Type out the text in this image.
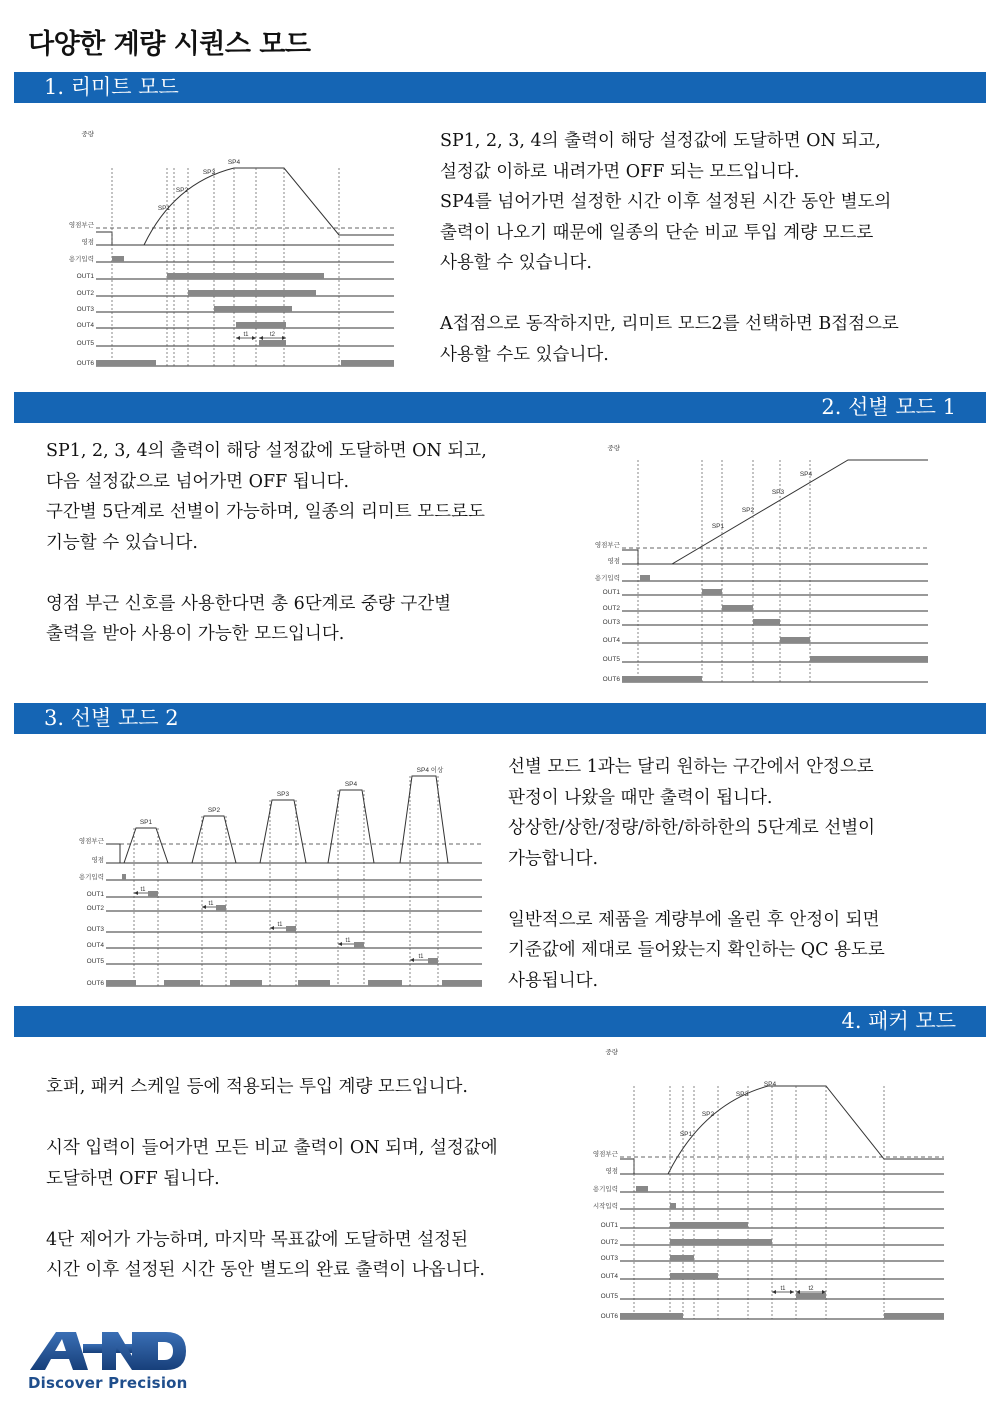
다양한 계량 시퀀스 모드
1. 리미트 모드
중량
영점부근
영점
용기입력
OUT1
OUT2
OUT3
OUT4
OUT5
OUT6
SP1
SP2
SP3
SP4
t1	t2

SP1, 2, 3, 4의 출력이 해당 설정값에 도달하면 ON 되고,

설정값 이하로 내려가면 OFF 되는 모드입니다.

SP4를 넘어가면 설정한 시간 이후 설정된 시간 동안 별도의

출력이 나오기 때문에 일종의 단순 비교 투입 계량 모드로

사용할 수 있습니다.

A접점으로 동작하지만, 리미트 모드2를 선택하면 B접점으로

사용할 수도 있습니다.

2. 선별 모드 1

SP1, 2, 3, 4의 출력이 해당 설정값에 도달하면 ON 되고,

다음 설정값으로 넘어가면 OFF 됩니다.

구간별 5단계로 선별이 가능하며, 일종의 리미트 모드로도

기능할 수 있습니다.

영점 부근 신호를 사용한다면 총 6단계로 중량 구간별

출력을 받아 사용이 가능한 모드입니다.

중량
영점부근
영점
용기입력
OUT1
OUT2
OUT3
OUT4
OUT5
OUT6
SP1
SP2
SP3
SP4
3. 선별 모드 2
영점부근
영점
용기입력
OUT1
OUT2
OUT3
OUT4
OUT5
OUT6
SP1
SP2
SP3
SP4
SP4 이상
t1
t1
t1
t1
t1

선별 모드 1과는 달리 원하는 구간에서 안정으로

판정이 나왔을 때만 출력이 됩니다.

상상한/상한/정량/하한/하하한의 5단계로 선별이

가능합니다.

일반적으로 제품을 계량부에 올린 후 안정이 되면

기준값에 제대로 들어왔는지 확인하는 QC 용도로

사용됩니다.

4. 패커 모드

호퍼, 패커 스케일 등에 적용되는 투입 계량 모드입니다.

시작 입력이 들어가면 모든 비교 출력이 ON 되며, 설정값에

도달하면 OFF 됩니다.

4단 제어가 가능하며, 마지막 목표값에 도달하면 설정된

시간 이후 설정된 시간 동안 별도의 완료 출력이 나옵니다.

중량
영점부근
영점
용기입력
시작입력
OUT1
OUT2
OUT3
OUT4
OUT5
OUT6
SP1
SP2
SP3
SP4
t1	t2
Discover Precision
